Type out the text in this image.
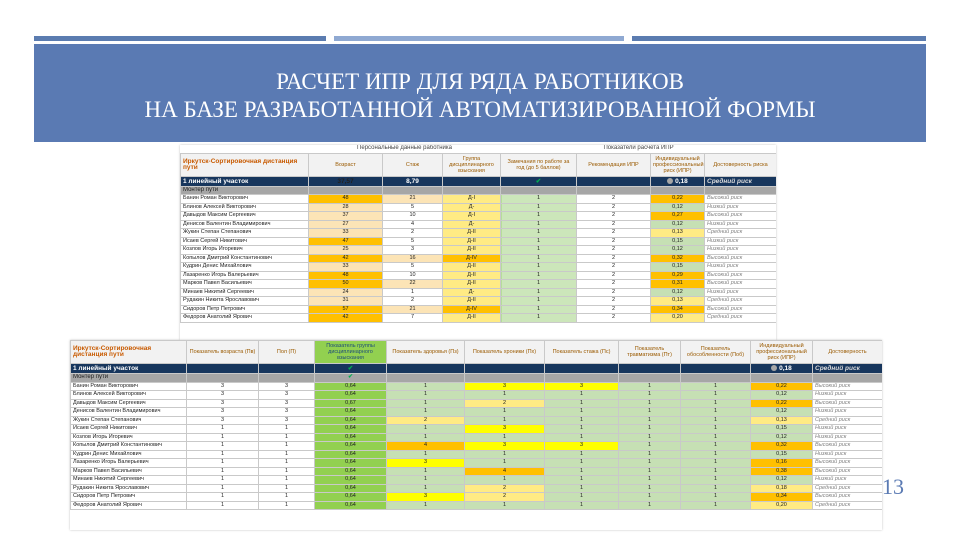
РАСЧЕТ ИПР ДЛЯ РЯДА РАБОТНИКОВ
НА БАЗЕ РАЗРАБОТАННОЙ АВТОМАТИЗИРОВАННОЙ ФОРМЫ
	Персональные данные работника			Показатели расчета ИПР			
Иркутск-Сортировочная дистанция пути	Возраст	Стаж	Группа дисциплинарного взыскания	Замечания по работе за год (до 5 баллов)	Рекомендация ИПР	Индивидуальный профессиональный риск (ИПР)	Достоверность риска
1 линейный участок	37,57	8,79		✔		0,18	Средний риск
Монтер пути							
Банин Роман Викторович	48	21	Д-I	1	2	0,22	Высокий риск
Блинов Алексей Викторович	28	5	Д-	1	2	0,12	Низкий риск
Давыдов Максим Сергеевич	37	10	Д-I	1	2	0,27	Высокий риск
Денисов Валентин Владимирович	27	4	Д-	1	2	0,12	Низкий риск
Жукин Степан Степанович	33	2	Д-II	1	2	0,13	Средний риск
Исаев Сергей Никитович	47	5	Д-II	1	2	0,15	Низкий риск
Козлов Игорь Игоревич	25	3	Д-II	1	2	0,12	Низкий риск
Копылов Дмитрий Константинович	42	16	Д-IV	1	2	0,32	Высокий риск
Кудрин Денис Михайлович	33	5	Д-II	1	2	0,15	Низкий риск
Лазаренко Игорь Валерьевич	48	10	Д-II	1	2	0,29	Высокий риск
Марков Павел Васильевич	50	22	Д-II	1	2	0,31	Высокий риск
Минаев Никитий Сергеевич	24	1	Д-	1	2	0,12	Низкий риск
Рудакин Никита Ярославович	31	2	Д-II	1	2	0,13	Средний риск
Сидоров Петр Петрович	57	21	Д-IV	1	2	0,34	Высокий риск
Федоров Анатолий Ярович	42	7	Д-II	1	2	0,20	Средний риск
Иркутск-Сортировочная дистанция пути	Показатель возраста (Пв)	Пол (П)	Показатель группы дисциплинарного взыскания	Показатель здоровья (Пз)	Показатель хроники (Пх)	Показатель стажа (Пс)	Показатель травматизма (Пт)	Показатель обособленности (Поб)	Индивидуальный профессиональный риск (ИПР)	Достоверность
1 линейный участок			✔						0,18	Средний риск
Монтер пути			✔							
Банин Роман Викторович	3	3	0,64	1	3	3	1	1	0,22	Высокий риск
Блинов Алексей Викторович	3	3	0,64	1	1	1	1	1	0,12	Низкий риск
Давыдов Максим Сергеевич	3	3	0,67	1	2	1	1	1	0,22	Высокий риск
Денисов Валентин Владимирович	3	3	0,64	1	1	1	1	1	0,12	Низкий риск
Жукин Степан Степанович	3	3	0,64	2	1	1	1	1	0,13	Средний риск
Исаев Сергей Никитович	1	1	0,64	1	3	1	1	1	0,15	Низкий риск
Козлов Игорь Игоревич	1	1	0,64	1	1	1	1	1	0,12	Низкий риск
Копылов Дмитрий Константинович	1	1	0,64	4	3	3	1	1	0,32	Высокий риск
Кудрин Денис Михайлович	1	1	0,64	1	1	1	1	1	0,15	Низкий риск
Лазаренко Игорь Валерьевич	1	1	0,64	3	1	1	1	1	0,16	Высокий риск
Марков Павел Васильевич	1	1	0,64	1	4	1	1	1	0,38	Высокий риск
Минаев Никитий Сергеевич	1	1	0,64	1	1	1	1	1	0,12	Низкий риск
Рудакин Никита Ярославович	1	1	0,64	1	2	1	1	1	0,18	Средний риск
Сидоров Петр Петрович	1	1	0,64	3	2	1	1	1	0,34	Высокий риск
Федоров Анатолий Ярович	1	1	0,64	1	1	1	1	1	0,20	Средний риск
13
